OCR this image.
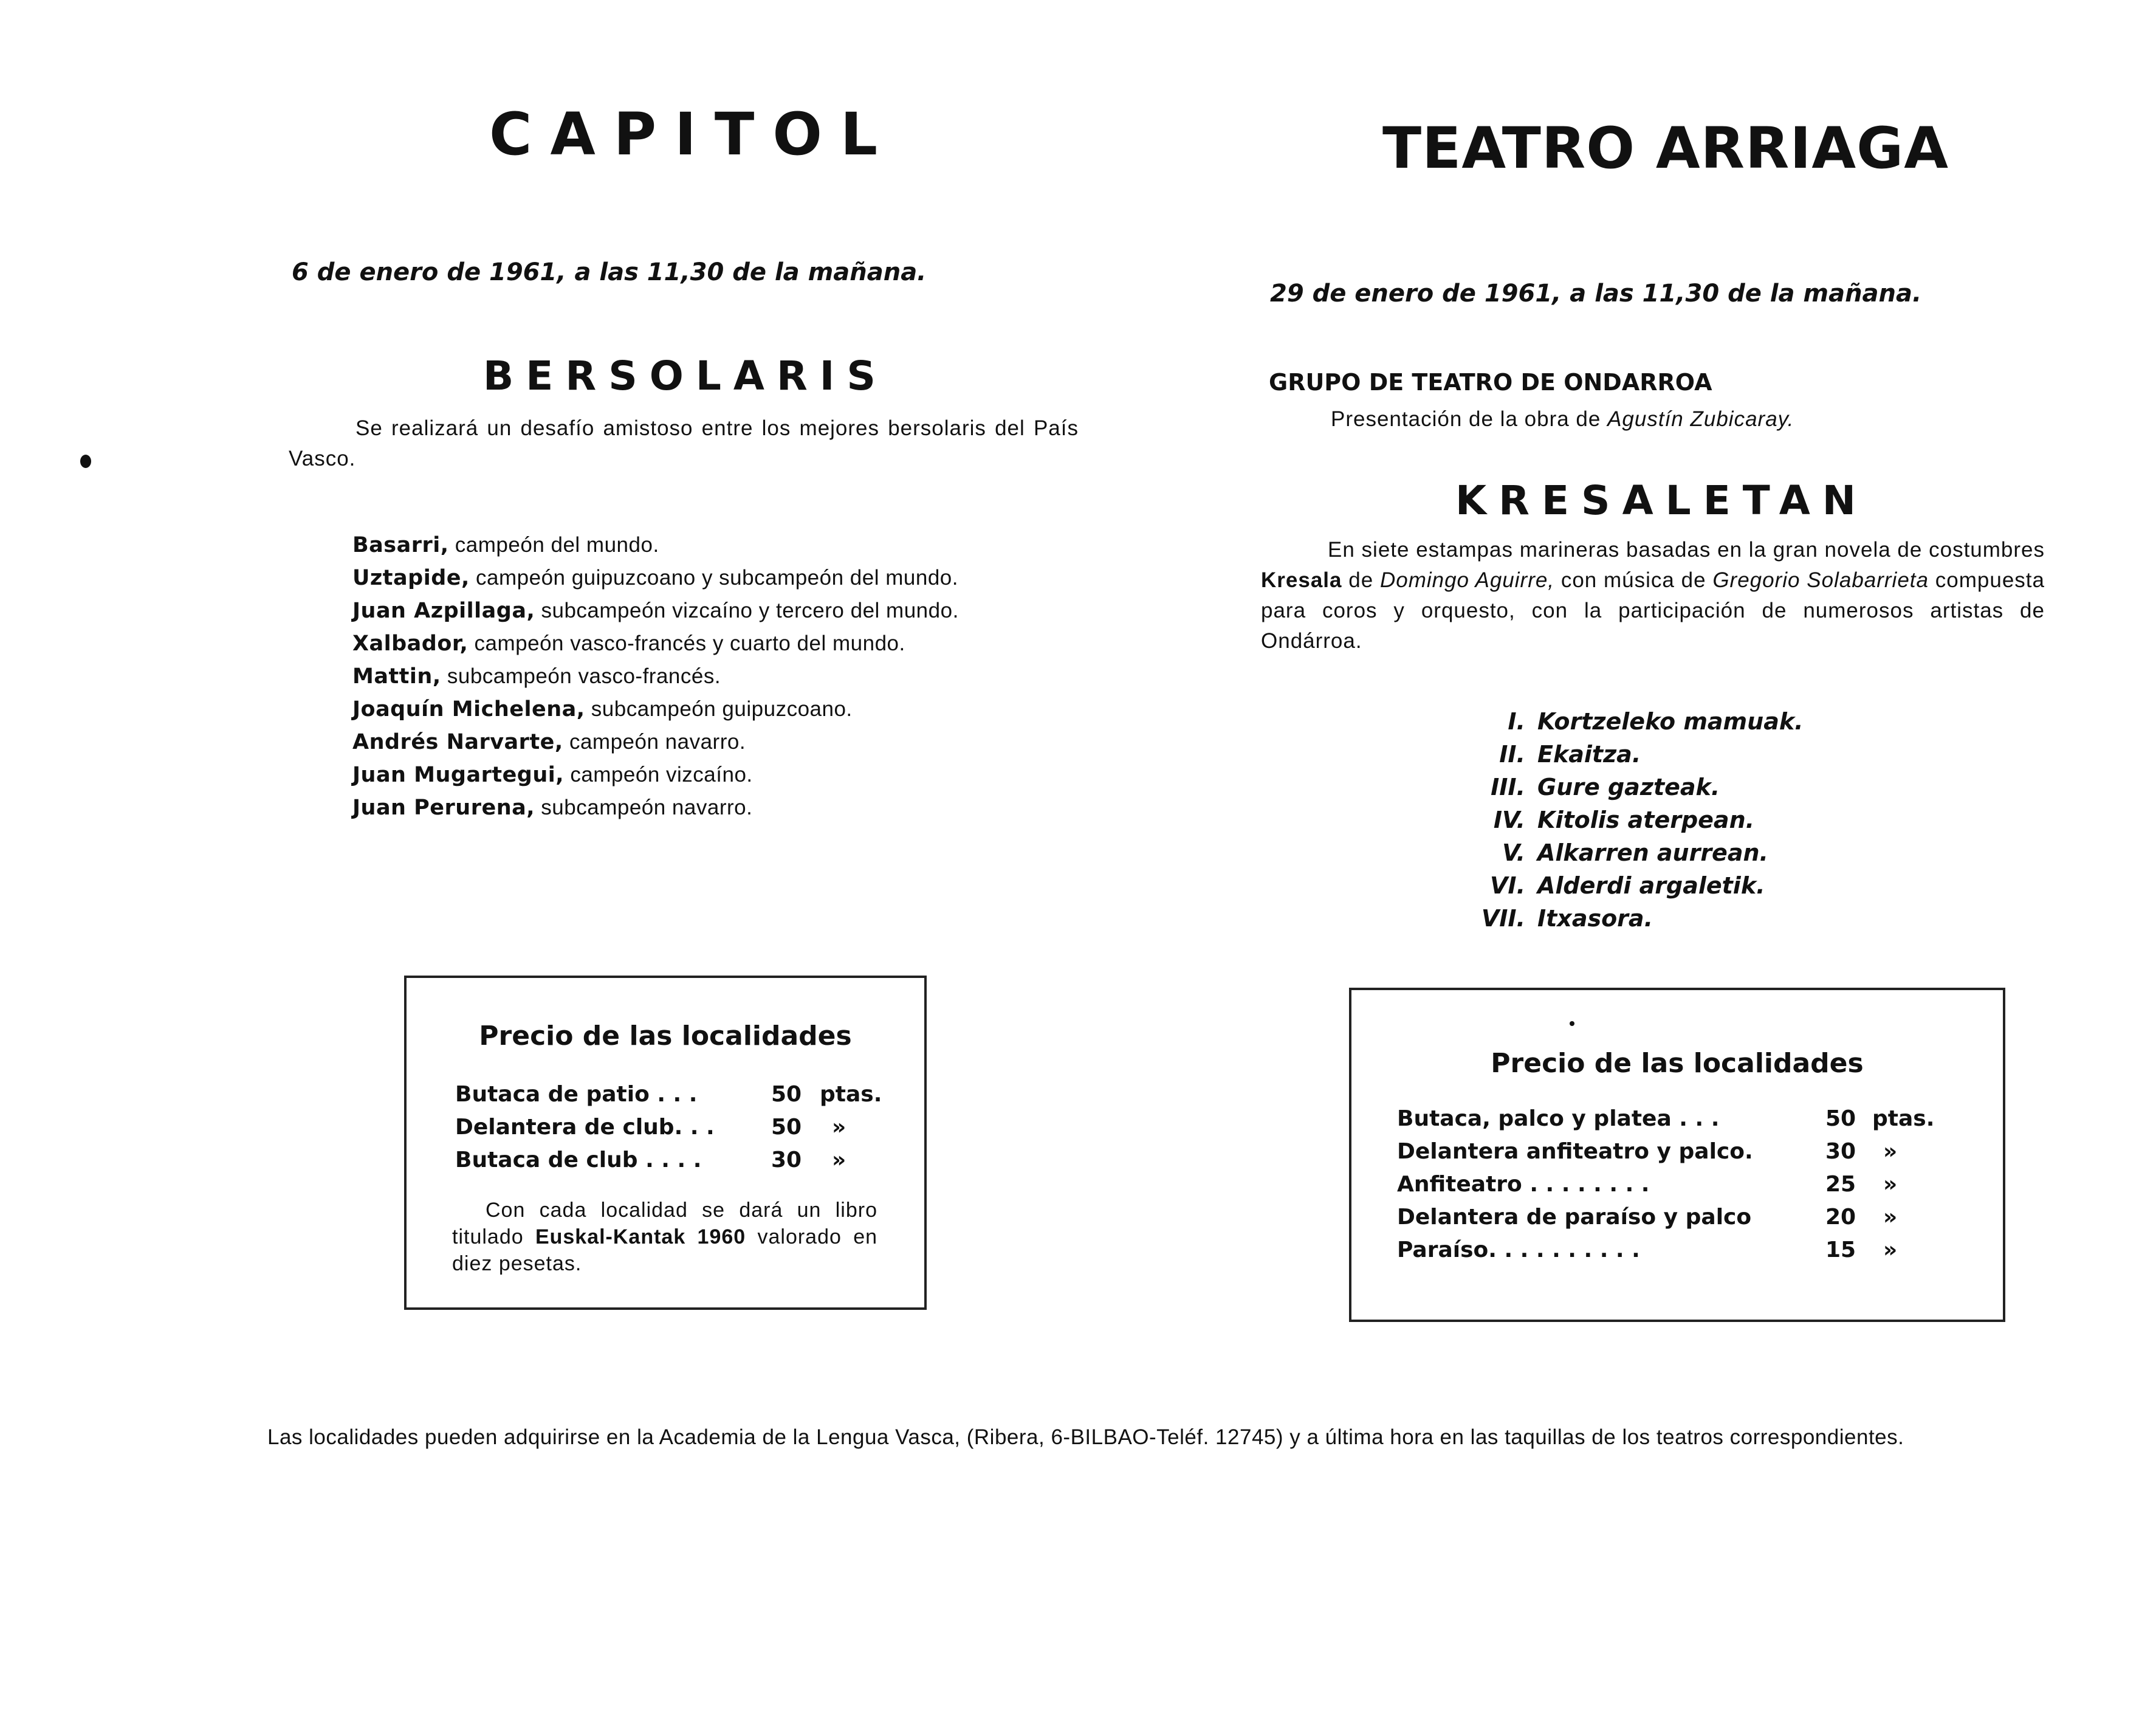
CAPITOL
6 de enero de 1961, a las 11,30 de la mañana.
BERSOLARIS
Se realizará un desafío amistoso entre los mejores bersolaris del País Vasco.
Basarri, campeón del mundo.
Uztapide, campeón guipuzcoano y subcampeón del mundo.
Juan Azpillaga, subcampeón vizcaíno y tercero del mundo.
Xalbador, campeón vasco-francés y cuarto del mundo.
Mattin, subcampeón vasco-francés.
Joaquín Michelena, subcampeón guipuzcoano.
Andrés Narvarte, campeón navarro.
Juan Mugartegui, campeón vizcaíno.
Juan Perurena, subcampeón navarro.
Precio de las localidades
Butaca de patio . . .	50 ptas.
Delantera de club. . .	50 »
Butaca de club . . . .	30 »
Con cada localidad se dará un libro titulado Euskal-Kantak 1960 valorado en diez pesetas.
TEATRO ARRIAGA
29 de enero de 1961, a las 11,30 de la mañana.
GRUPO DE TEATRO DE ONDARROA
Presentación de la obra de Agustín Zubicaray.
KRESALETAN
En siete estampas marineras basadas en la gran novela de costumbres Kresala de Domingo Aguirre, con música de Gregorio Solabarrieta compuesta para coros y orquesto, con la participación de numerosos artistas de Ondárroa.
I. Kortzeleko mamuak.
II. Ekaitza.
III. Gure gazteak.
IV. Kitolis aterpean.
V. Alkarren aurrean.
VI. Alderdi argaletik.
VII. Itxasora.
Precio de las localidades
Butaca, palco y platea . . .	50 ptas.
Delantera anfiteatro y palco.	30 »
Anfiteatro . . . . . . . .	25 »
Delantera de paraíso y palco	20 »
Paraíso. . . . . . . . . .	15 »
Las localidades pueden adquirirse en la Academia de la Lengua Vasca, (Ribera, 6-BILBAO-Teléf. 12745) y a última hora en las taquillas de los teatros correspondientes.
